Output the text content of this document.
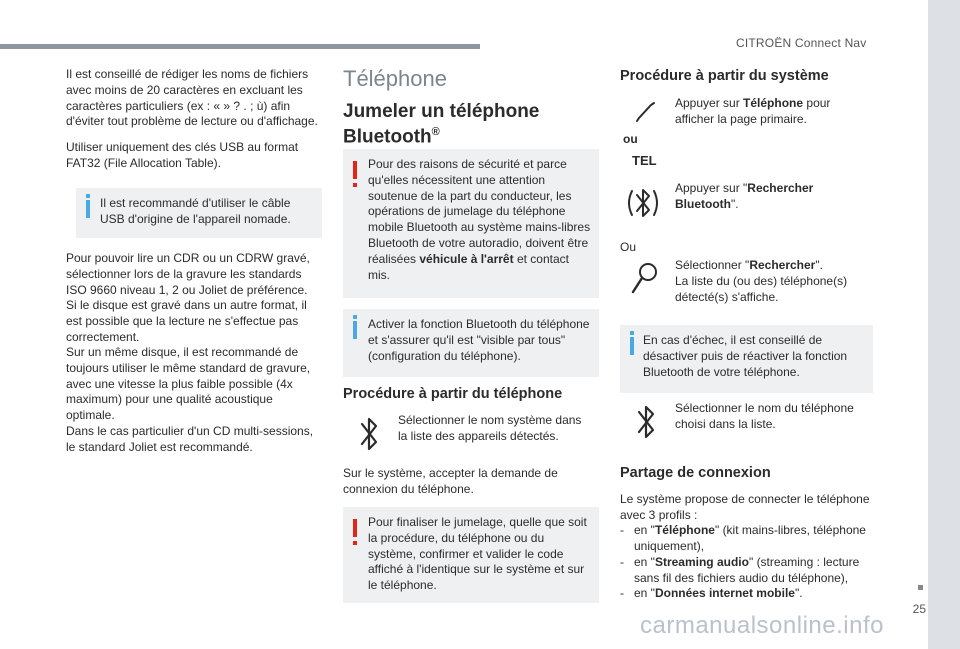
CITROËN Connect Nav
25
carmanualsonline.info

Il est conseillé de rédiger les noms de fichiers avec moins de 20 caractères en excluant les caractères particuliers (ex : « » ? . ; ù) afin d'éviter tout problème de lecture ou d'affichage.

Utiliser uniquement des clés USB au format FAT32 (File Allocation Table).

Il est recommandé d'utiliser le câble USB d'origine de l'appareil nomade.

Pour pouvoir lire un CDR ou un CDRW gravé, sélectionner lors de la gravure les standards ISO 9660 niveau 1, 2 ou Joliet de préférence.

Si le disque est gravé dans un autre format, il est possible que la lecture ne s'effectue pas correctement.

Sur un même disque, il est recommandé de toujours utiliser le même standard de gravure, avec une vitesse la plus faible possible (4x maximum) pour une qualité acoustique optimale.

Dans le cas particulier d'un CD multi-sessions, le standard Joliet est recommandé.

Téléphone
Jumeler un téléphone Bluetooth®

Pour des raisons de sécurité et parce qu'elles nécessitent une attention soutenue de la part du conducteur, les opérations de jumelage du téléphone mobile Bluetooth au système mains-libres Bluetooth de votre autoradio, doivent être réalisées véhicule à l'arrêt et contact mis.

Activer la fonction Bluetooth du téléphone et s'assurer qu'il est "visible par tous" (configuration du téléphone).

Procédure à partir du téléphone

Sélectionner le nom système dans la liste des appareils détectés.

Sur le système, accepter la demande de connexion du téléphone.

Pour finaliser le jumelage, quelle que soit la procédure, du téléphone ou du système, confirmer et valider le code affiché à l'identique sur le système et sur le téléphone.

Procédure à partir du système
ou
TEL

Appuyer sur Téléphone pour afficher la page primaire.

Appuyer sur "Rechercher Bluetooth".

Ou

Sélectionner "Rechercher".

La liste du (ou des) téléphone(s) détecté(s) s'affiche.

En cas d'échec, il est conseillé de désactiver puis de réactiver la fonction Bluetooth de votre téléphone.

Sélectionner le nom du téléphone choisi dans la liste.

Partage de connexion

Le système propose de connecter le téléphone avec 3 profils :

- en "Téléphone" (kit mains-libres, téléphone uniquement),
- en "Streaming audio" (streaming : lecture sans fil des fichiers audio du téléphone),
- en "Données internet mobile".
